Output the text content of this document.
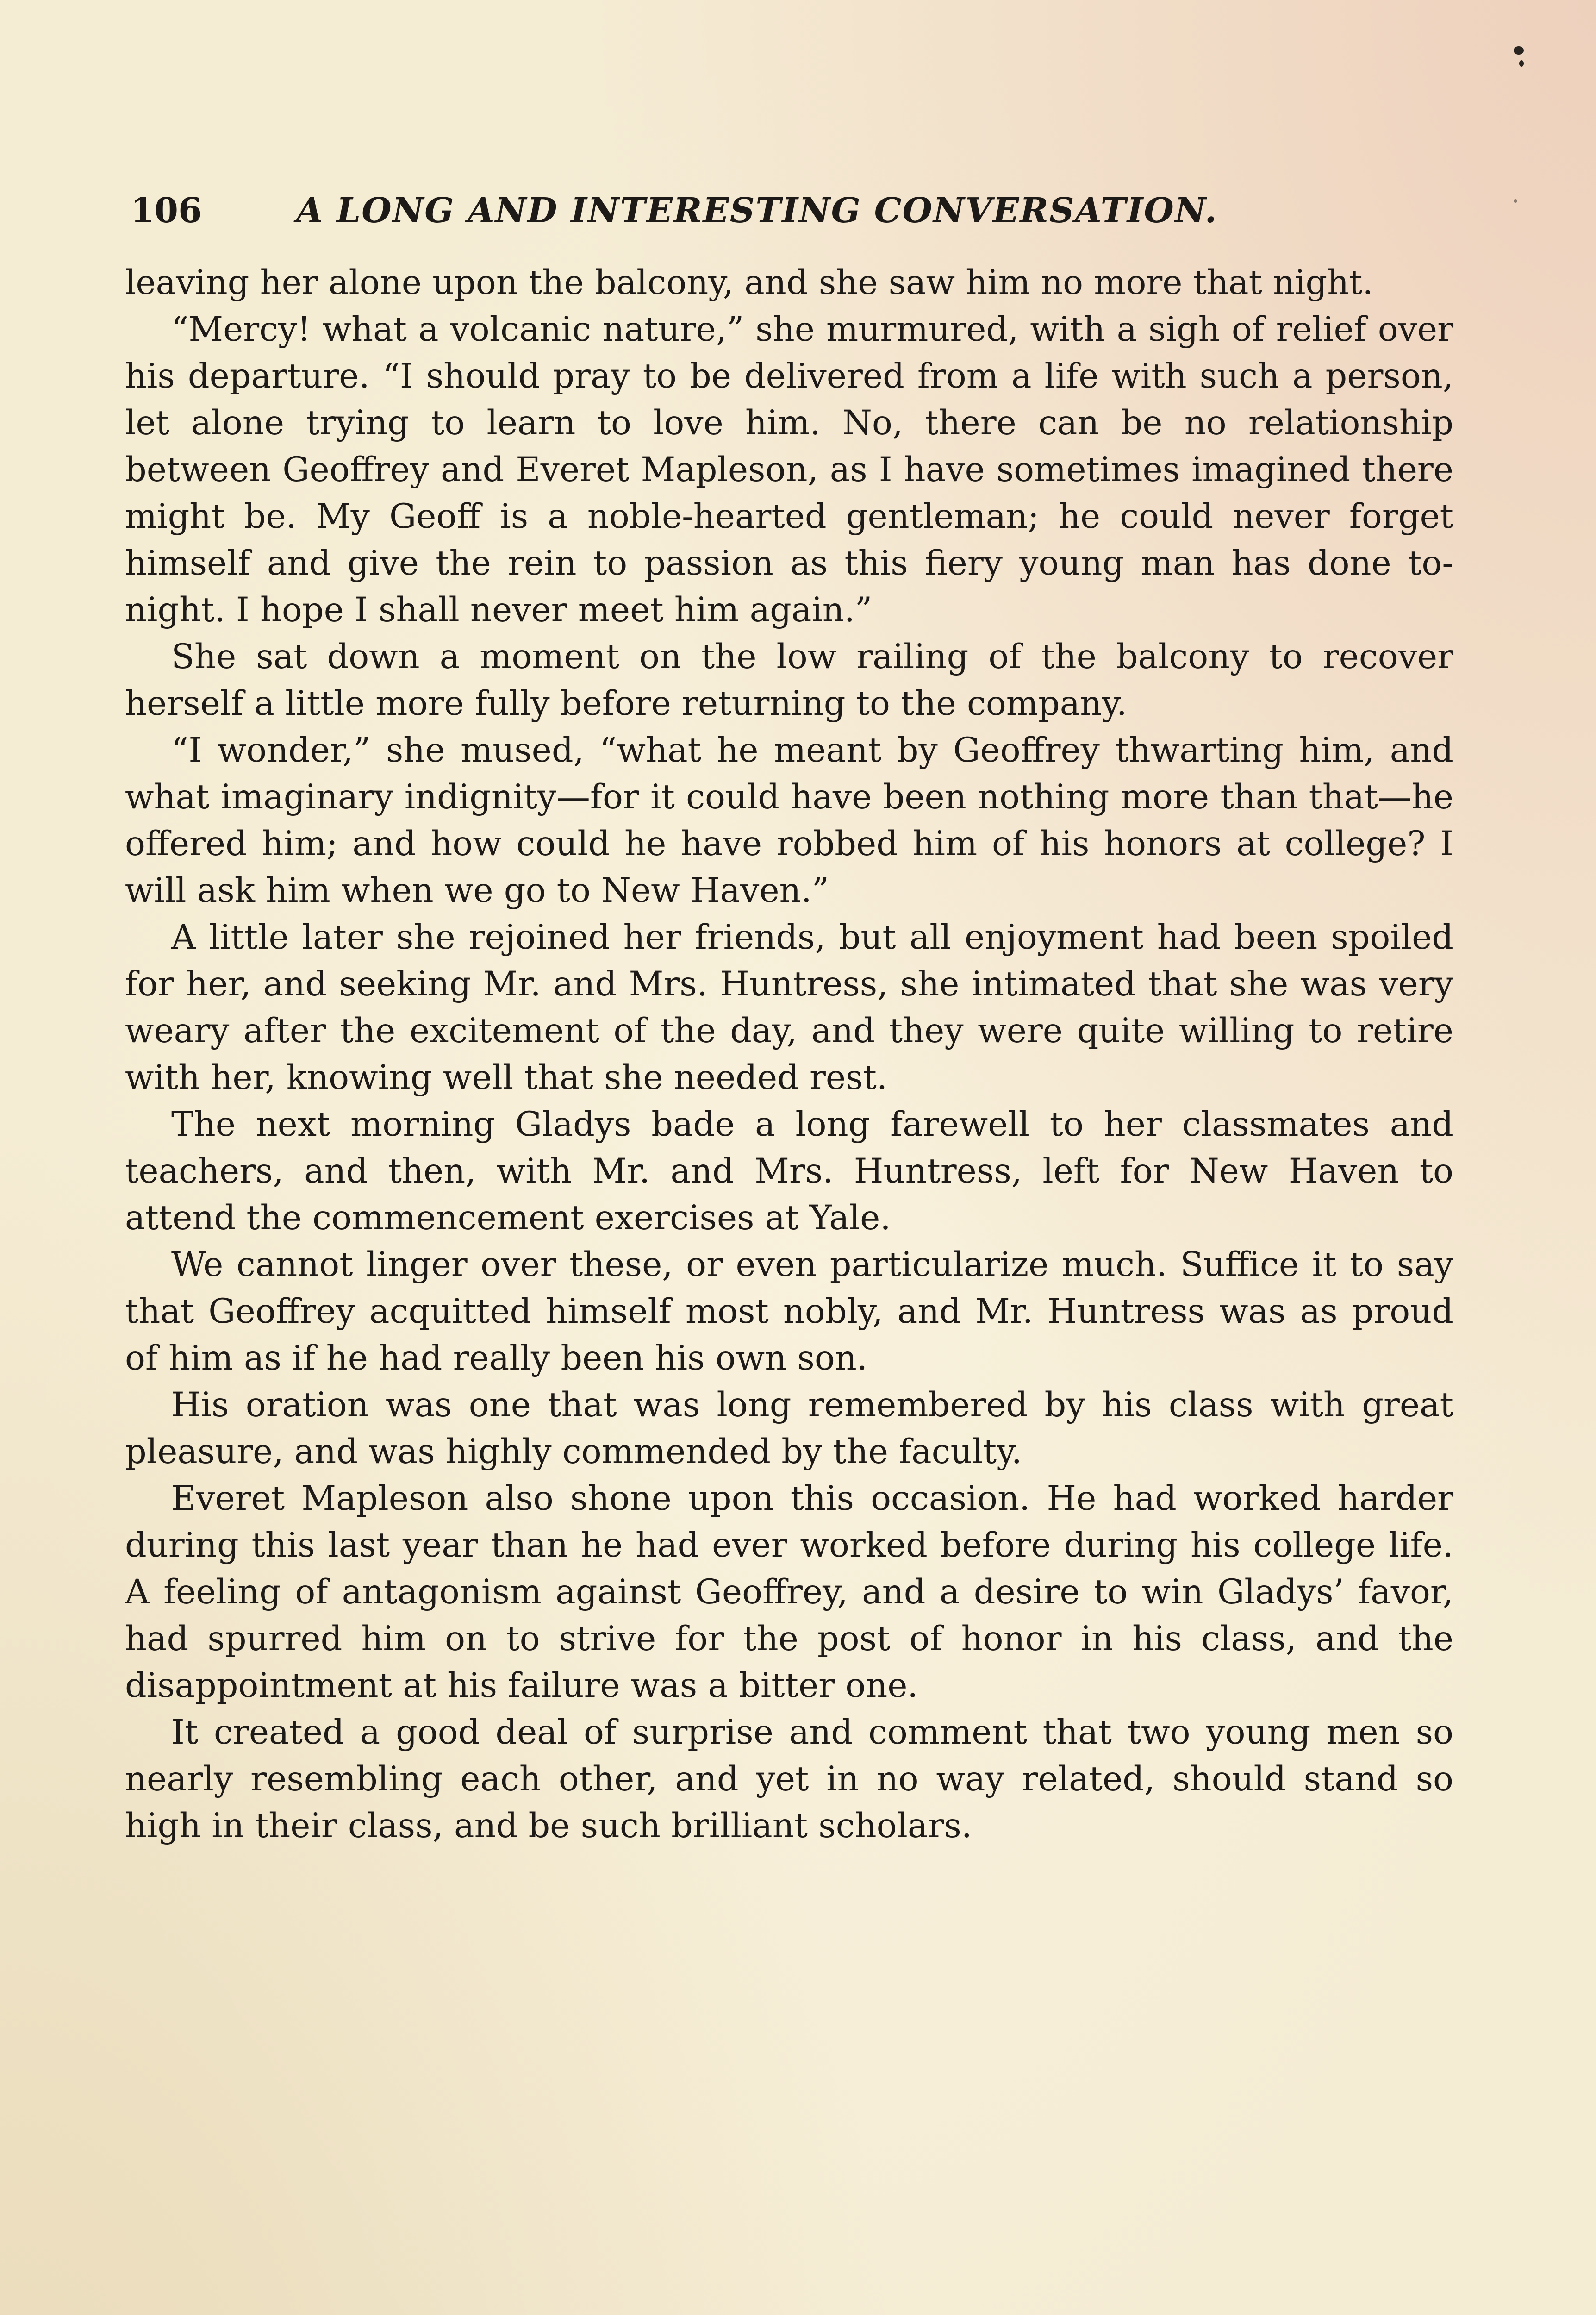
106	A LONG AND INTERESTING CONVERSATION.

leaving her alone upon the balcony, and she saw him no more that night.

“Mercy! what a volcanic nature,” she murmured, with a sigh of relief over his departure. “I should pray to be delivered from a life with such a person, let alone trying to learn to love him. No, there can be no relationship between Geoffrey and Everet Mapleson, as I have sometimes imagined there might be. My Geoff is a noble-hearted gentleman; he could never forget himself and give the rein to passion as this fiery young man has done to-night. I hope I shall never meet him again.”

She sat down a moment on the low railing of the balcony to recover herself a little more fully before returning to the company.

“I wonder,” she mused, “what he meant by Geoffrey thwarting him, and what imaginary indignity—for it could have been nothing more than that—he offered him; and how could he have robbed him of his honors at college? I will ask him when we go to New Haven.”

A little later she rejoined her friends, but all enjoyment had been spoiled for her, and seeking Mr. and Mrs. Huntress, she intimated that she was very weary after the excitement of the day, and they were quite willing to retire with her, knowing well that she needed rest.

The next morning Gladys bade a long farewell to her classmates and teachers, and then, with Mr. and Mrs. Huntress, left for New Haven to attend the commencement exercises at Yale.

We cannot linger over these, or even particularize much. Suffice it to say that Geoffrey acquitted himself most nobly, and Mr. Huntress was as proud of him as if he had really been his own son.

His oration was one that was long remembered by his class with great pleasure, and was highly commended by the faculty.

Everet Mapleson also shone upon this occasion. He had worked harder during this last year than he had ever worked before during his college life. A feeling of antagonism against Geoffrey, and a desire to win Gladys’ favor, had spurred him on to strive for the post of honor in his class, and the disappointment at his failure was a bitter one.

It created a good deal of surprise and comment that two young men so nearly resembling each other, and yet in no way related, should stand so high in their class, and be such brilliant scholars.
